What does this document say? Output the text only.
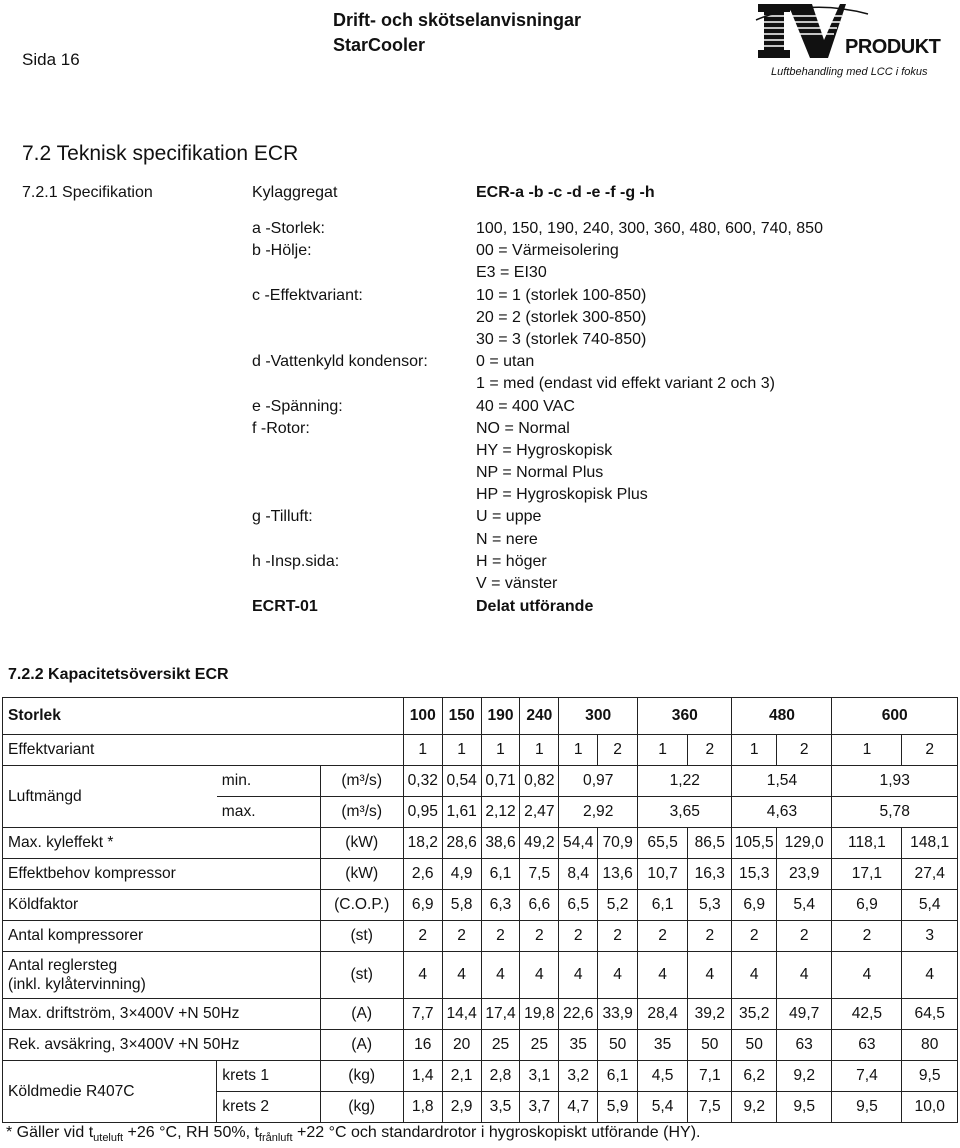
Sida 16
Drift- och skötselanvisningar
StarCooler	PRODUKT
Luftbehandling med LCC i fokus
7.2 Teknisk specifikation ECR
7.2.1 Specifikation	Kylaggregat	ECR-a -b -c -d -e -f -g -h
a -Storlek:	100, 150, 190, 240, 300, 360, 480, 600, 740, 850
b -Hölje:	00 = Värmeisolering
E3 = EI30
c -Effektvariant:	10 = 1 (storlek 100-850)
20 = 2 (storlek 300-850)
30 = 3 (storlek 740-850)
d -Vattenkyld kondensor:	0 = utan
1 = med (endast vid effekt variant 2 och 3)
e -Spänning:	40 = 400 VAC
f -Rotor:	NO = Normal
HY = Hygroskopisk
NP = Normal Plus
HP = Hygroskopisk Plus
g -Tilluft:	U = uppe
N = nere
h -Insp.sida:	H = höger
V = vänster
ECRT-01	Delat utförande
7.2.2 Kapacitetsöversikt ECR
Storlek			100	150	190	240	300		360		480		600	
Effektvariant			1	1	1	1	1	2	1	2	1	2	1	2
Luftmängd	min.	(m³/s)	0,32	0,54	0,71	0,82	0,97		1,22		1,54		1,93	
	max.	(m³/s)	0,95	1,61	2,12	2,47	2,92		3,65		4,63		5,78	
Max. kyleffekt *		(kW)	18,2	28,6	38,6	49,2	54,4	70,9	65,5	86,5	105,5	129,0	118,1	148,1
Effektbehov kompressor		(kW)	2,6	4,9	6,1	7,5	8,4	13,6	10,7	16,3	15,3	23,9	17,1	27,4
Köldfaktor		(C.O.P.)	6,9	5,8	6,3	6,6	6,5	5,2	6,1	5,3	6,9	5,4	6,9	5,4
Antal kompressorer		(st)	2	2	2	2	2	2	2	2	2	2	2	3

Antal reglersteg
(inkl. kylåtervinning)		(st)	4	4	4	4	4	4	4	4	4	4	4	4
Max. driftström, 3×400V +N 50Hz		(A)	7,7	14,4	17,4	19,8	22,6	33,9	28,4	39,2	35,2	49,7	42,5	64,5
Rek. avsäkring, 3×400V +N 50Hz		(A)	16	20	25	25	35	50	35	50	50	63	63	80
Köldmedie R407C	krets 1	(kg)	1,4	2,1	2,8	3,1	3,2	6,1	4,5	7,1	6,2	9,2	7,4	9,5
	krets 2	(kg)	1,8	2,9	3,5	3,7	4,7	5,9	5,4	7,5	9,2	9,5	9,5	10,0
* Gäller vid $t_{uteluft} +26$ °C, RH 50%, $t_{frånluft} +22$ °C och standardrotor i hygroskopiskt utförande (HY).
